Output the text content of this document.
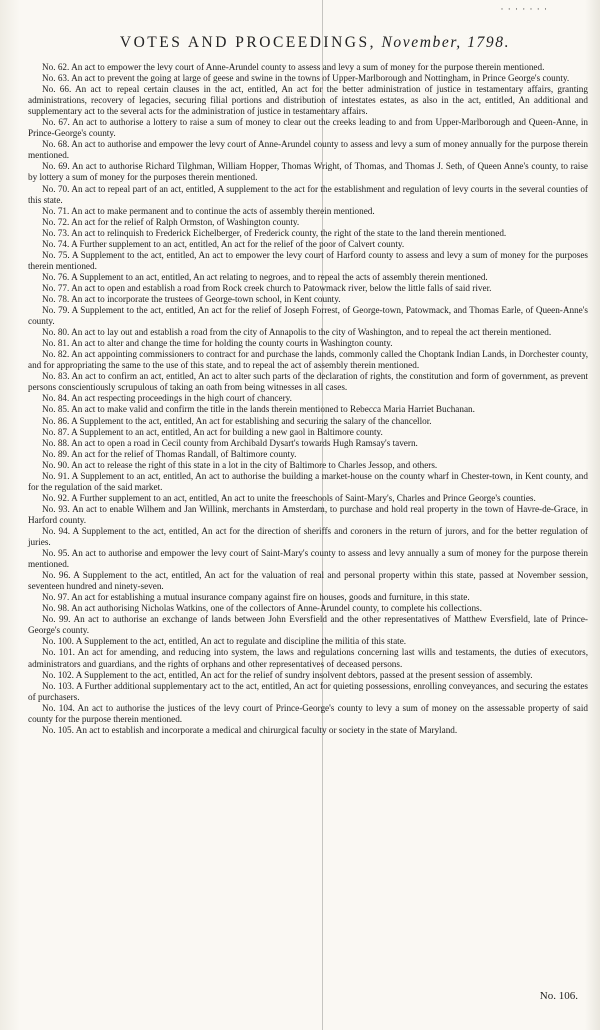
· · · · · · ·
VOTES AND PROCEEDINGS, November, 1798.

No. 62. An act to empower the levy court of Anne-Arundel county to assess and levy a sum of money for the purpose therein mentioned.

No. 63. An act to prevent the going at large of geese and swine in the towns of Upper-Marlborough and Nottingham, in Prince George's county.

No. 66. An act to repeal certain clauses in the act, entitled, An act for the better administration of justice in testamentary affairs, granting administrations, recovery of legacies, securing filial portions and distribution of intestates estates, as also in the act, entitled, An additional and supplementary act to the several acts for the administration of justice in testamentary affairs.

No. 67. An act to authorise a lottery to raise a sum of money to clear out the creeks leading to and from Upper-Marlborough and Queen-Anne, in Prince-George's county.

No. 68. An act to authorise and empower the levy court of Anne-Arundel county to assess and levy a sum of money annually for the purpose therein mentioned.

No. 69. An act to authorise Richard Tilghman, William Hopper, Thomas Wright, of Thomas, and Thomas J. Seth, of Queen Anne's county, to raise by lottery a sum of money for the purposes therein mentioned.

No. 70. An act to repeal part of an act, entitled, A supplement to the act for the establishment and regulation of levy courts in the several counties of this state.

No. 71. An act to make permanent and to continue the acts of assembly therein mentioned.

No. 72. An act for the relief of Ralph Ormston, of Washington county.

No. 73. An act to relinquish to Frederick Eichelberger, of Frederick county, the right of the state to the land therein mentioned.

No. 74. A Further supplement to an act, entitled, An act for the relief of the poor of Calvert county.

No. 75. A Supplement to the act, entitled, An act to empower the levy court of Harford county to assess and levy a sum of money for the purposes therein mentioned.

No. 76. A Supplement to an act, entitled, An act relating to negroes, and to repeal the acts of assembly therein mentioned.

No. 77. An act to open and establish a road from Rock creek church to Patowmack river, below the little falls of said river.

No. 78. An act to incorporate the trustees of George-town school, in Kent county.

No. 79. A Supplement to the act, entitled, An act for the relief of Joseph Forrest, of George-town, Patowmack, and Thomas Earle, of Queen-Anne's county.

No. 80. An act to lay out and establish a road from the city of Annapolis to the city of Washington, and to repeal the act therein mentioned.

No. 81. An act to alter and change the time for holding the county courts in Washington county.

No. 82. An act appointing commissioners to contract for and purchase the lands, commonly called the Choptank Indian Lands, in Dorchester county, and for appropriating the same to the use of this state, and to repeal the act of assembly therein mentioned.

No. 83. An act to confirm an act, entitled, An act to alter such parts of the declaration of rights, the constitution and form of government, as prevent persons conscientiously scrupulous of taking an oath from being witnesses in all cases.

No. 84. An act respecting proceedings in the high court of chancery.

No. 85. An act to make valid and confirm the title in the lands therein mentioned to Rebecca Maria Harriet Buchanan.

No. 86. A Supplement to the act, entitled, An act for establishing and securing the salary of the chancellor.

No. 87. A Supplement to an act, entitled, An act for building a new gaol in Baltimore county.

No. 88. An act to open a road in Cecil county from Archibald Dysart's towards Hugh Ramsay's tavern.

No. 89. An act for the relief of Thomas Randall, of Baltimore county.

No. 90. An act to release the right of this state in a lot in the city of Baltimore to Charles Jessop, and others.

No. 91. A Supplement to an act, entitled, An act to authorise the building a market-house on the county wharf in Chester-town, in Kent county, and for the regulation of the said market.

No. 92. A Further supplement to an act, entitled, An act to unite the freeschools of Saint-Mary's, Charles and Prince George's counties.

No. 93. An act to enable Wilhem and Jan Willink, merchants in Amsterdam, to purchase and hold real property in the town of Havre-de-Grace, in Harford county.

No. 94. A Supplement to the act, entitled, An act for the direction of sheriffs and coroners in the return of jurors, and for the better regulation of juries.

No. 95. An act to authorise and empower the levy court of Saint-Mary's county to assess and levy annually a sum of money for the purpose therein mentioned.

No. 96. A Supplement to the act, entitled, An act for the valuation of real and personal property within this state, passed at November session, seventeen hundred and ninety-seven.

No. 97. An act for establishing a mutual insurance company against fire on houses, goods and furniture, in this state.

No. 98. An act authorising Nicholas Watkins, one of the collectors of Anne-Arundel county, to complete his collections.

No. 99. An act to authorise an exchange of lands between John Eversfield and the other representatives of Matthew Eversfield, late of Prince-George's county.

No. 100. A Supplement to the act, entitled, An act to regulate and discipline the militia of this state.

No. 101. An act for amending, and reducing into system, the laws and regulations concerning last wills and testaments, the duties of executors, administrators and guardians, and the rights of orphans and other representatives of deceased persons.

No. 102. A Supplement to the act, entitled, An act for the relief of sundry insolvent debtors, passed at the present session of assembly.

No. 103. A Further additional supplementary act to the act, entitled, An act for quieting possessions, enrolling conveyances, and securing the estates of purchasers.

No. 104. An act to authorise the justices of the levy court of Prince-George's county to levy a sum of money on the assessable property of said county for the purpose therein mentioned.

No. 105. An act to establish and incorporate a medical and chirurgical faculty or society in the state of Maryland.

No. 106.
